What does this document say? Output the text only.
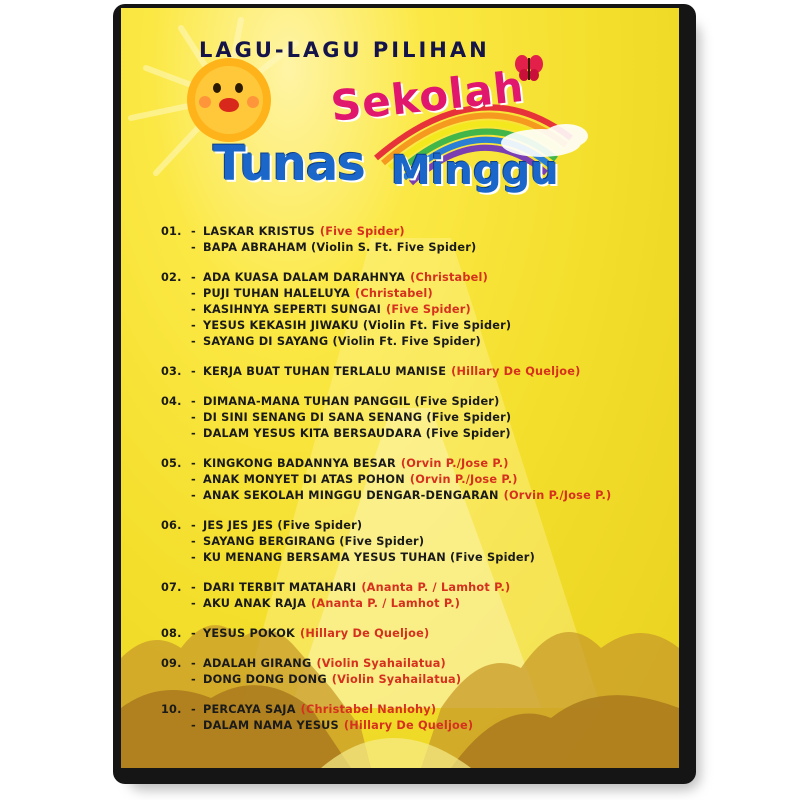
LAGU-LAGU PILIHAN
Sekolah
Tunas Minggu
01. - LASKAR KRISTUS (Five Spider)
- BAPA ABRAHAM (Violin S. Ft. Five Spider)
02. - ADA KUASA DALAM DARAHNYA (Christabel)
- PUJI TUHAN HALELUYA (Christabel)
- KASIHNYA SEPERTI SUNGAI (Five Spider)
- YESUS KEKASIH JIWAKU (Violin Ft. Five Spider)
- SAYANG DI SAYANG (Violin Ft. Five Spider)
03. - KERJA BUAT TUHAN TERLALU MANISE (Hillary De Queljoe)
04. - DIMANA-MANA TUHAN PANGGIL (Five Spider)
- DI SINI SENANG DI SANA SENANG (Five Spider)
- DALAM YESUS KITA BERSAUDARA (Five Spider)
05. - KINGKONG BADANNYA BESAR (Orvin P./Jose P.)
- ANAK MONYET DI ATAS POHON (Orvin P./Jose P.)
- ANAK SEKOLAH MINGGU DENGAR-DENGARAN (Orvin P./Jose P.)
06. - JES JES JES (Five Spider)
- SAYANG BERGIRANG (Five Spider)
- KU MENANG BERSAMA YESUS TUHAN (Five Spider)
07. - DARI TERBIT MATAHARI (Ananta P. / Lamhot P.)
- AKU ANAK RAJA (Ananta P. / Lamhot P.)
08. - YESUS POKOK (Hillary De Queljoe)
09. - ADALAH GIRANG (Violin Syahailatua)
- DONG DONG DONG (Violin Syahailatua)
10. - PERCAYA SAJA (Christabel Nanlohy)
- DALAM NAMA YESUS (Hillary De Queljoe)
